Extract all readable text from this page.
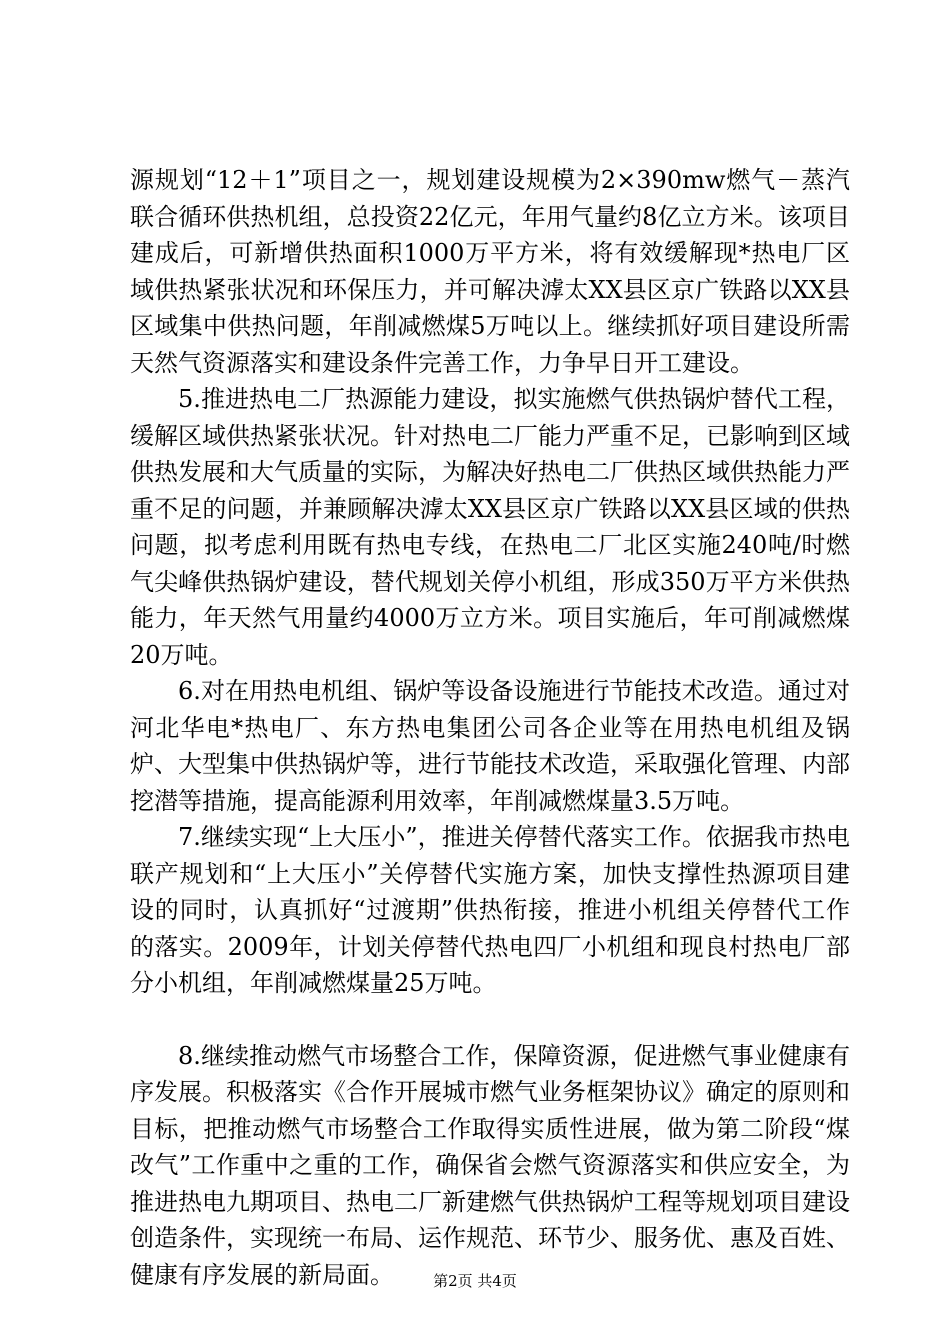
源规划“12＋1”项目之一，规划建设规模为2×390mw燃气－蒸汽联合循环供热机组，总投资22亿元，年用气量约8亿立方米。该项目建成后，可新增供热面积1000万平方米，将有效缓解现*热电厂区域供热紧张状况和环保压力，并可解决滹太XX县区京广铁路以XX县区域集中供热问题，年削减燃煤5万吨以上。继续抓好项目建设所需天然气资源落实和建设条件完善工作，力争早日开工建设。

5.推进热电二厂热源能力建设，拟实施燃气供热锅炉替代工程，缓解区域供热紧张状况。针对热电二厂能力严重不足，已影响到区域供热发展和大气质量的实际，为解决好热电二厂供热区域供热能力严重不足的问题，并兼顾解决滹太XX县区京广铁路以XX县区域的供热问题，拟考虑利用既有热电专线，在热电二厂北区实施240吨/时燃气尖峰供热锅炉建设，替代规划关停小机组，形成350万平方米供热能力，年天然气用量约4000万立方米。项目实施后，年可削减燃煤20万吨。

6.对在用热电机组、锅炉等设备设施进行节能技术改造。通过对河北华电*热电厂、东方热电集团公司各企业等在用热电机组及锅炉、大型集中供热锅炉等，进行节能技术改造，采取强化管理、内部挖潜等措施，提高能源利用效率，年削减燃煤量3.5万吨。

7.继续实现“上大压小”，推进关停替代落实工作。依据我市热电联产规划和“上大压小”关停替代实施方案，加快支撑性热源项目建设的同时，认真抓好“过渡期”供热衔接，推进小机组关停替代工作的落实。2009年，计划关停替代热电四厂小机组和现良村热电厂部分小机组，年削减燃煤量25万吨。

8.继续推动燃气市场整合工作，保障资源，促进燃气事业健康有序发展。积极落实《合作开展城市燃气业务框架协议》确定的原则和目标，把推动燃气市场整合工作取得实质性进展，做为第二阶段“煤改气”工作重中之重的工作，确保省会燃气资源落实和供应安全，为推进热电九期项目、热电二厂新建燃气供热锅炉工程等规划项目建设创造条件，实现统一布局、运作规范、环节少、服务优、惠及百姓、健康有序发展的新局面。	第2页 共4页
